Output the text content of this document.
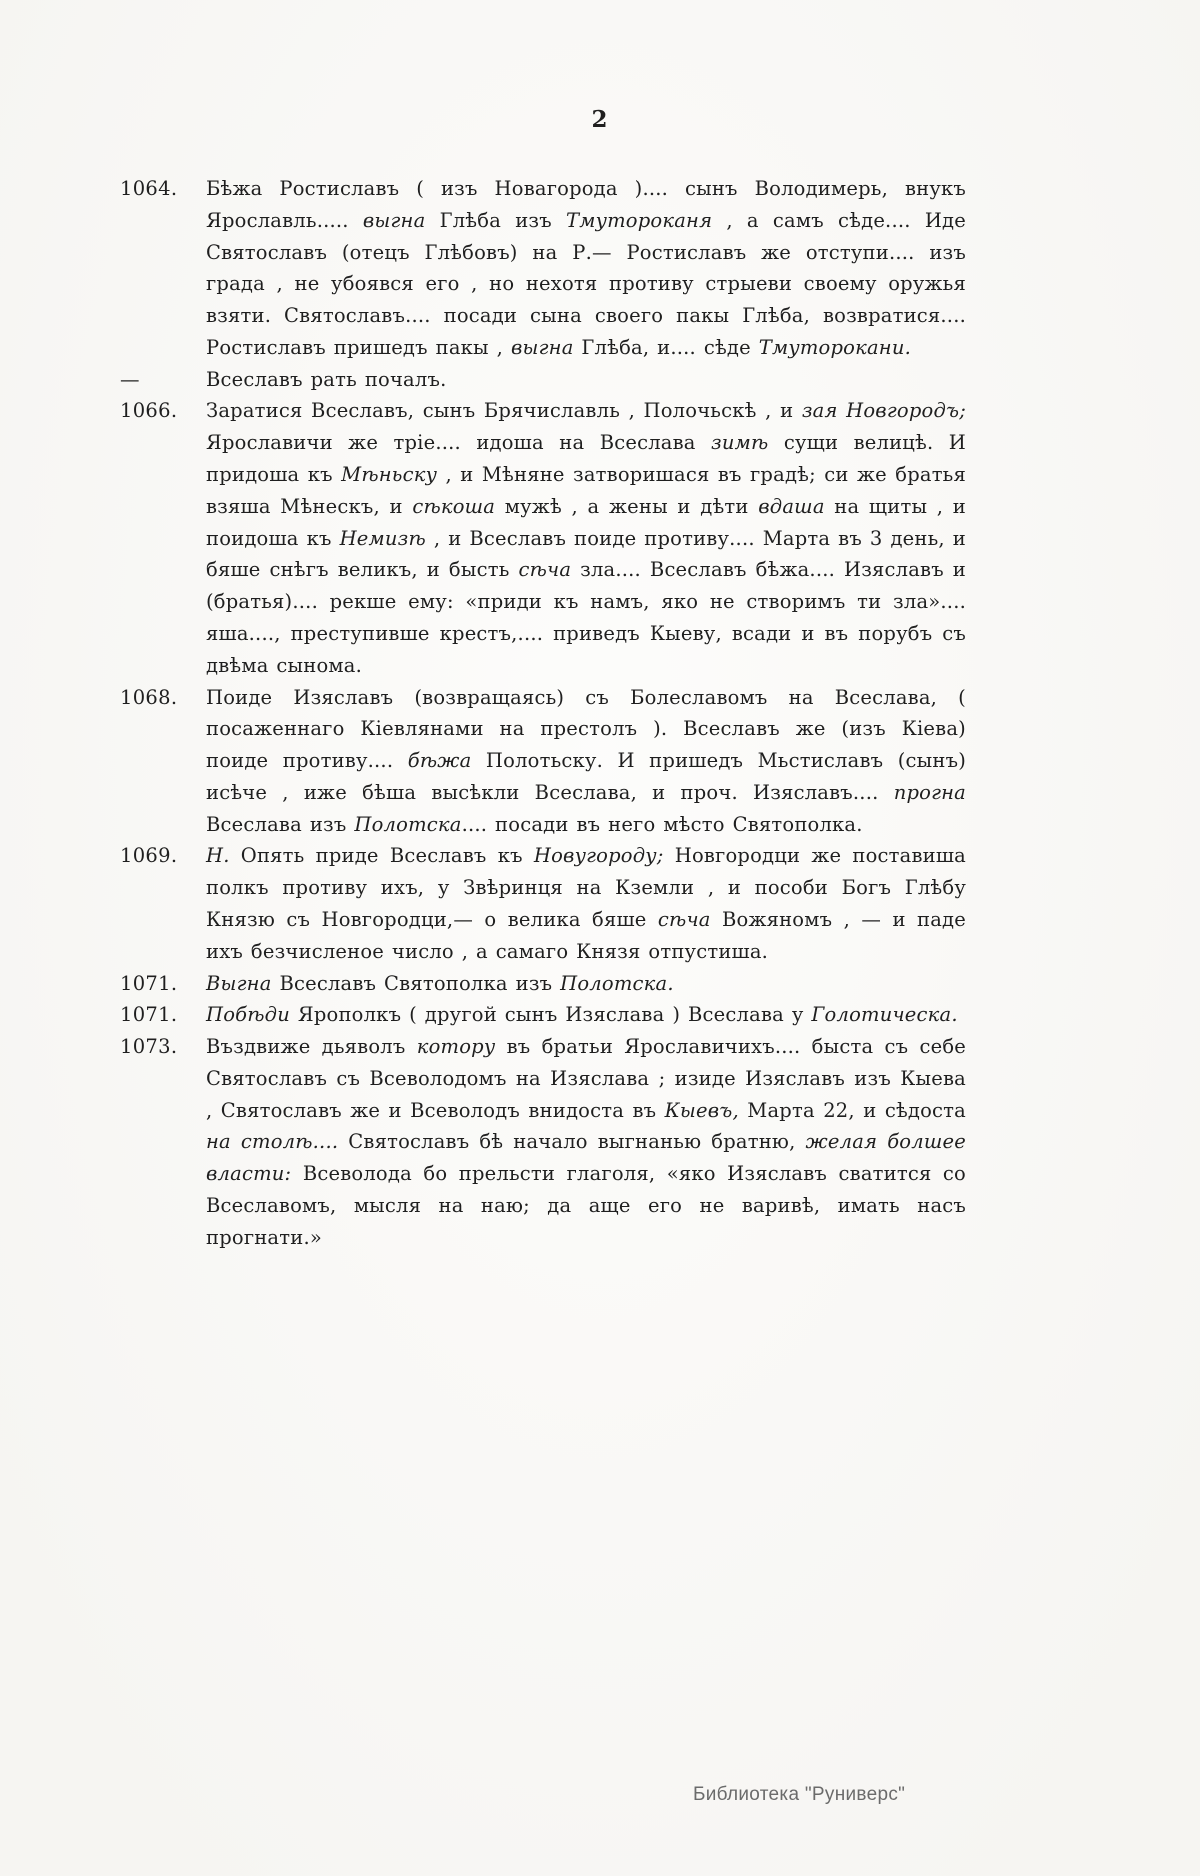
2
1064.	Бѣжа Ростиславъ ( изъ Новагорода ).... сынъ Володимерь, внукъ Ярославль..... выгна Глѣба изъ Тмутороканя , а самъ сѣде.... Иде Святославъ (отецъ Глѣбовъ) на Р.— Ростиславъ же отступи.... изъ града , не убоявся его , но нехотя противу стрыеви своему оружья взяти. Святославъ.... посади сына своего пакы Глѣба, возвратися.... Ростиславъ пришедъ пакы , выгна Глѣба, и.... сѣде Тмуторокани.
—	Всеславъ рать почалъ.
1066.	Заратися Всеславъ, сынъ Брячиславль , Полочьскѣ , и зая Новгородъ; Ярославичи же тріе.... идоша на Всеслава зимѣ сущи велицѣ. И придоша къ Мѣньску , и Мѣняне затворишася въ градѣ; си же братья взяша Мѣнескъ, и сѣкоша мужѣ , а жены и дѣти вдаша на щиты , и поидоша къ Немизѣ , и Всеславъ поиде противу.... Марта въ 3 день, и бяше снѣгъ великъ, и бысть сѣча зла.... Всеславъ бѣжа.... Изяславъ и (братья).... рекше ему: «приди къ намъ, яко не створимъ ти зла».... яша...., преступивше крестъ,.... приведъ Кыеву, всади и въ порубъ съ двѣма сынома.
1068.	Поиде Изяславъ (возвращаясь) съ Болеславомъ на Всеслава, ( посаженнаго Кіевлянами на престолъ ). Всеславъ же (изъ Кіева) поиде противу.... бѣжа Полотьску. И пришедъ Мьстиславъ (сынъ) исѣче , иже бѣша высѣкли Всеслава, и проч. Изяславъ.... прогна Всеслава изъ Полотска.... посади въ него мѣсто Святополка.
1069.	Н. Опять приде Всеславъ къ Новугороду; Новгородци же поставиша полкъ противу ихъ, у Звѣринця на Кземли , и пособи Богъ Глѣбу Князю съ Новгородци,— о велика бяше сѣча Вожяномъ , — и паде ихъ безчисленое число , а самаго Князя отпустиша.
1071.	Выгна Всеславъ Святополка изъ Полотска.
1071.	Побѣди Ярополкъ ( другой сынъ Изяслава ) Всеслава у Голотическа.
1073.	Въздвиже дьяволъ котору въ братьи Ярославичихъ.... быста съ себе Святославъ съ Всеволодомъ на Изяслава ; изиде Изяславъ изъ Кыева , Святославъ же и Всеволодъ внидоста въ Кыевъ, Марта 22, и сѣдоста на столѣ.... Святославъ бѣ начало выгнанью братню, желая болшее власти: Всеволода бо прельсти глаголя, «яко Изяславъ сватится со Всеславомъ, мысля на наю; да аще его не варивѣ, имать насъ прогнати.»
Библиотека "Руниверс"
